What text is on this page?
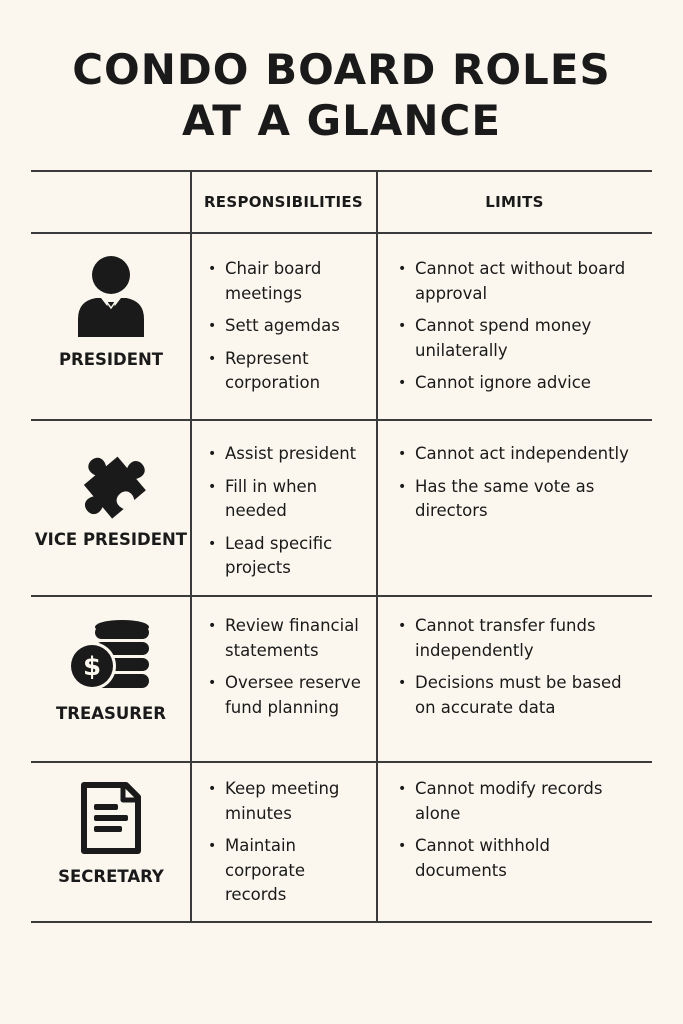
CONDO BOARD ROLES
AT A GLANCE
RESPONSIBILITIES	LIMITS
PRESIDENT
• Chair board meetings
• Sett agemdas
• Represent corporation
• Cannot act without board approval
• Cannot spend money unilaterally
• Cannot ignore advice
VICE PRESIDENT
• Assist president
• Fill in when needed
• Lead specific projects
• Cannot act independently
• Has the same vote as directors
$
TREASURER
• Review financial statements
• Oversee reserve fund planning
• Cannot transfer funds independently
• Decisions must be based on accurate data
SECRETARY
• Keep meeting minutes
• Maintain corporate records
• Cannot modify records alone
• Cannot withhold documents
